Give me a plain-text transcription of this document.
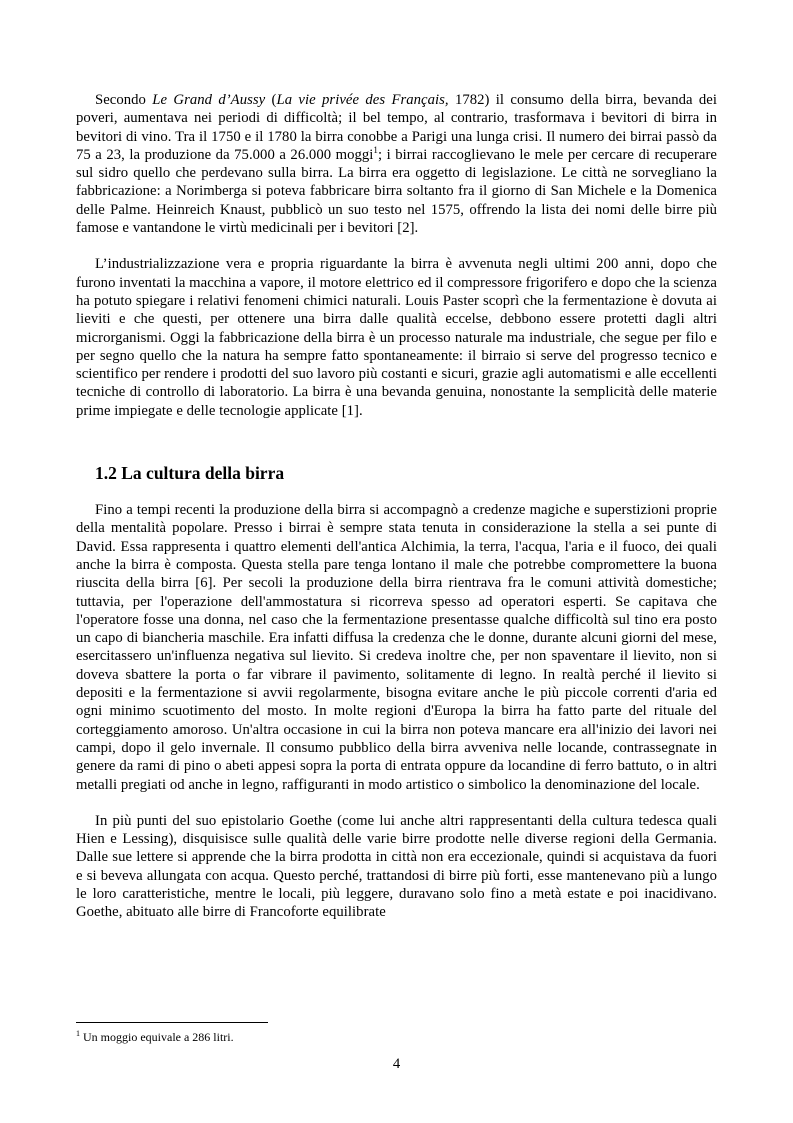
Secondo Le Grand d’Aussy (La vie privée des Français, 1782) il consumo della birra, bevanda dei poveri, aumentava nei periodi di difficoltà; il bel tempo, al contrario, trasformava i bevitori di birra in bevitori di vino. Tra il 1750 e il 1780 la birra conobbe a Parigi una lunga crisi. Il numero dei birrai passò da 75 a 23, la produzione da 75.000 a 26.000 moggi$^1$; i birrai raccoglievano le mele per cercare di recuperare sul sidro quello che perdevano sulla birra. La birra era oggetto di legislazione. Le città ne sorvegliano la fabbricazione: a Norimberga si poteva fabbricare birra soltanto fra il giorno di San Michele e la Domenica delle Palme. Heinreich Knaust, pubblicò un suo testo nel 1575, offrendo la lista dei nomi delle birre più famose e vantandone le virtù medicinali per i bevitori [2].

L’industrializzazione vera e propria riguardante la birra è avvenuta negli ultimi 200 anni, dopo che furono inventati la macchina a vapore, il motore elettrico ed il compressore frigorifero e dopo che la scienza ha potuto spiegare i relativi fenomeni chimici naturali. Louis Paster scoprì che la fermentazione è dovuta ai lieviti e che questi, per ottenere una birra dalle qualità eccelse, debbono essere protetti dagli altri microrganismi. Oggi la fabbricazione della birra è un processo naturale ma industriale, che segue per filo e per segno quello che la natura ha sempre fatto spontaneamente: il birraio si serve del progresso tecnico e scientifico per rendere i prodotti del suo lavoro più costanti e sicuri, grazie agli automatismi e alle eccellenti tecniche di controllo di laboratorio. La birra è una bevanda genuina, nonostante la semplicità delle materie prime impiegate e delle tecnologie applicate [1].

1.2 La cultura della birra

Fino a tempi recenti la produzione della birra si accompagnò a credenze magiche e superstizioni proprie della mentalità popolare. Presso i birrai è sempre stata tenuta in considerazione la stella a sei punte di David. Essa rappresenta i quattro elementi dell'antica Alchimia, la terra, l'acqua, l'aria e il fuoco, dei quali anche la birra è composta. Questa stella pare tenga lontano il male che potrebbe compromettere la buona riuscita della birra [6]. Per secoli la produzione della birra rientrava fra le comuni attività domestiche; tuttavia, per l'operazione dell'ammostatura si ricorreva spesso ad operatori esperti. Se capitava che l'operatore fosse una donna, nel caso che la fermentazione presentasse qualche difficoltà sul tino era posto un capo di biancheria maschile. Era infatti diffusa la credenza che le donne, durante alcuni giorni del mese, esercitassero un'influenza negativa sul lievito. Si credeva inoltre che, per non spaventare il lievito, non si doveva sbattere la porta o far vibrare il pavimento, solitamente di legno. In realtà perché il lievito si depositi e la fermentazione si avvii regolarmente, bisogna evitare anche le più piccole correnti d'aria ed ogni minimo scuotimento del mosto. In molte regioni d'Europa la birra ha fatto parte del rituale del corteggiamento amoroso. Un'altra occasione in cui la birra non poteva mancare era all'inizio dei lavori nei campi, dopo il gelo invernale. Il consumo pubblico della birra avveniva nelle locande, contrassegnate in genere da rami di pino o abeti appesi sopra la porta di entrata oppure da locandine di ferro battuto, o in altri metalli pregiati od anche in legno, raffiguranti in modo artistico o simbolico la denominazione del locale.

In più punti del suo epistolario Goethe (come lui anche altri rappresentanti della cultura tedesca quali Hien e Lessing), disquisisce sulle qualità delle varie birre prodotte nelle diverse regioni della Germania. Dalle sue lettere si apprende che la birra prodotta in città non era eccezionale, quindi si acquistava da fuori e si beveva allungata con acqua. Questo perché, trattandosi di birre più forti, esse mantenevano più a lungo le loro caratteristiche, mentre le locali, più leggere, duravano solo fino a metà estate e poi inacidivano. Goethe, abituato alle birre di Francoforte equilibrate

$^1$ Un moggio equivale a 286 litri.
4
